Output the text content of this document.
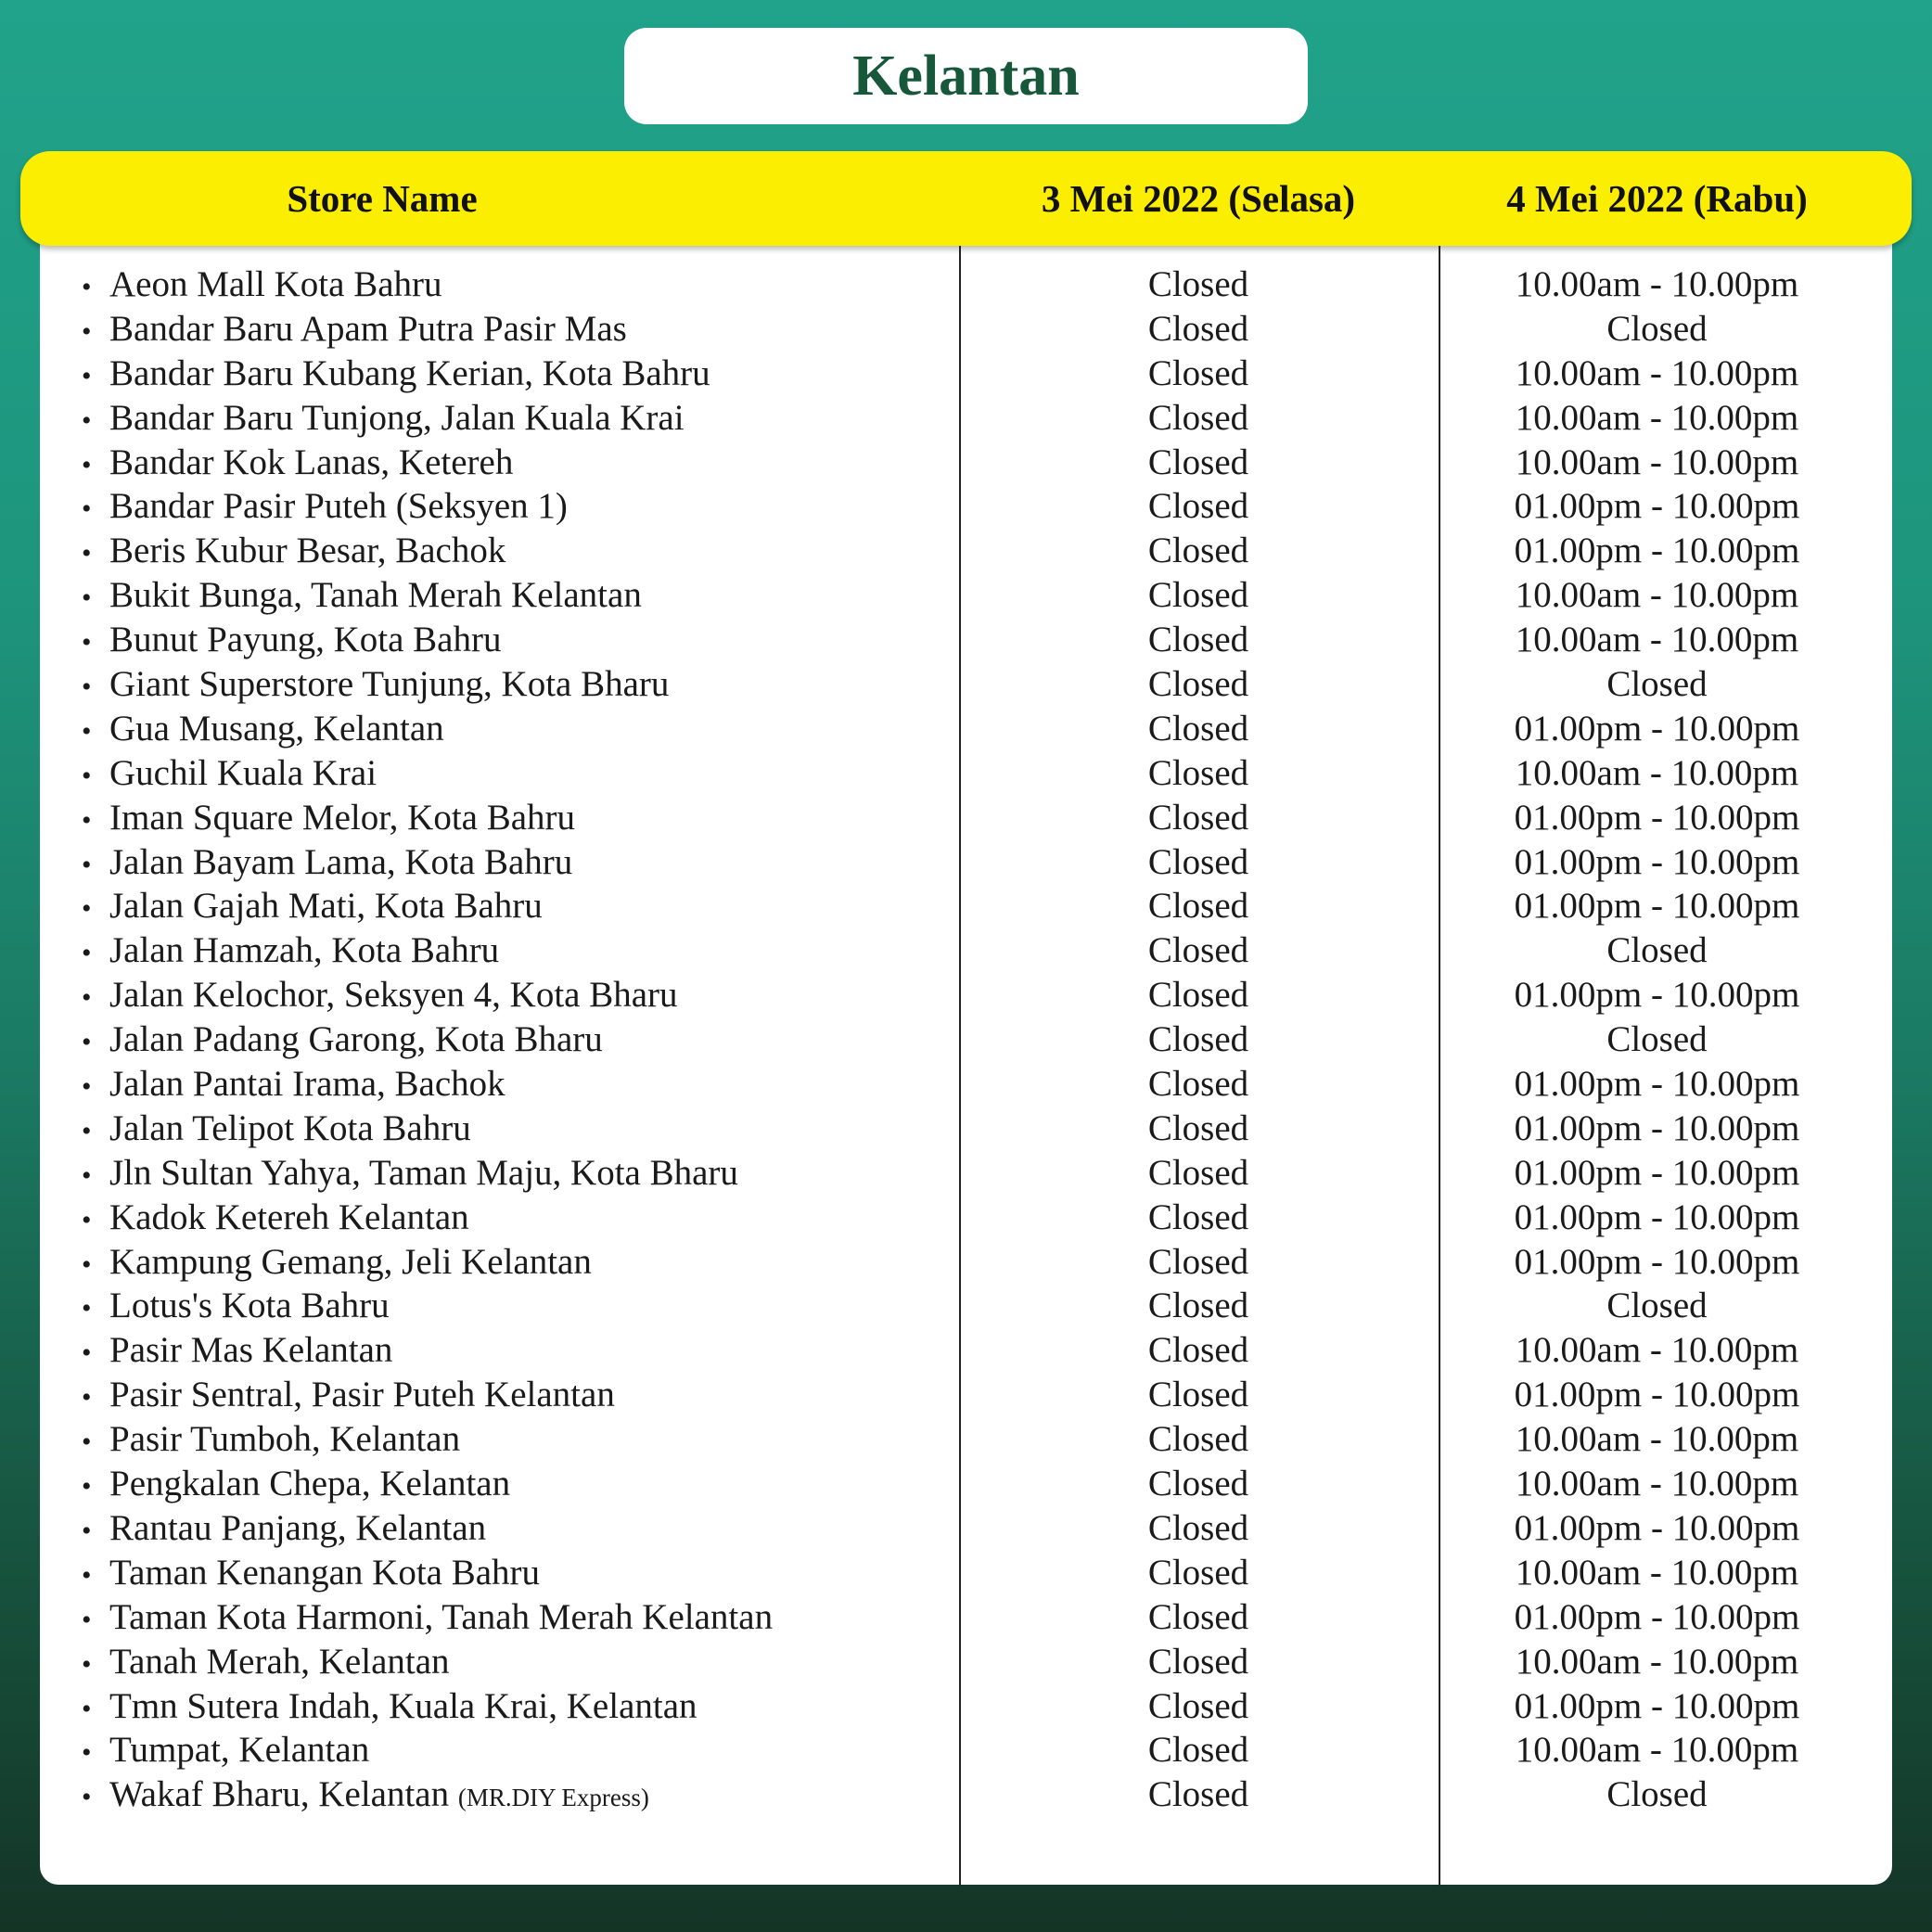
Kelantan
Store Name	3 Mei 2022 (Selasa)	4 Mei 2022 (Rabu)
• Aeon Mall Kota Bahru	Closed	10.00am - 10.00pm
• Bandar Baru Apam Putra Pasir Mas	Closed	Closed
• Bandar Baru Kubang Kerian, Kota Bahru	Closed	10.00am - 10.00pm
• Bandar Baru Tunjong, Jalan Kuala Krai	Closed	10.00am - 10.00pm
• Bandar Kok Lanas, Ketereh	Closed	10.00am - 10.00pm
• Bandar Pasir Puteh (Seksyen 1)	Closed	01.00pm - 10.00pm
• Beris Kubur Besar, Bachok	Closed	01.00pm - 10.00pm
• Bukit Bunga, Tanah Merah Kelantan	Closed	10.00am - 10.00pm
• Bunut Payung, Kota Bahru	Closed	10.00am - 10.00pm
• Giant Superstore Tunjung, Kota Bharu	Closed	Closed
• Gua Musang, Kelantan	Closed	01.00pm - 10.00pm
• Guchil Kuala Krai	Closed	10.00am - 10.00pm
• Iman Square Melor, Kota Bahru	Closed	01.00pm - 10.00pm
• Jalan Bayam Lama, Kota Bahru	Closed	01.00pm - 10.00pm
• Jalan Gajah Mati, Kota Bahru	Closed	01.00pm - 10.00pm
• Jalan Hamzah, Kota Bahru	Closed	Closed
• Jalan Kelochor, Seksyen 4, Kota Bharu	Closed	01.00pm - 10.00pm
• Jalan Padang Garong, Kota Bharu	Closed	Closed
• Jalan Pantai Irama, Bachok	Closed	01.00pm - 10.00pm
• Jalan Telipot Kota Bahru	Closed	01.00pm - 10.00pm
• Jln Sultan Yahya, Taman Maju, Kota Bharu	Closed	01.00pm - 10.00pm
• Kadok Ketereh Kelantan	Closed	01.00pm - 10.00pm
• Kampung Gemang, Jeli Kelantan	Closed	01.00pm - 10.00pm
• Lotus's Kota Bahru	Closed	Closed
• Pasir Mas Kelantan	Closed	10.00am - 10.00pm
• Pasir Sentral, Pasir Puteh Kelantan	Closed	01.00pm - 10.00pm
• Pasir Tumboh, Kelantan	Closed	10.00am - 10.00pm
• Pengkalan Chepa, Kelantan	Closed	10.00am - 10.00pm
• Rantau Panjang, Kelantan	Closed	01.00pm - 10.00pm
• Taman Kenangan Kota Bahru	Closed	10.00am - 10.00pm
• Taman Kota Harmoni, Tanah Merah Kelantan	Closed	01.00pm - 10.00pm
• Tanah Merah, Kelantan	Closed	10.00am - 10.00pm
• Tmn Sutera Indah, Kuala Krai, Kelantan	Closed	01.00pm - 10.00pm
• Tumpat, Kelantan	Closed	10.00am - 10.00pm
• Wakaf Bharu, Kelantan (MR.DIY Express)	Closed	Closed
